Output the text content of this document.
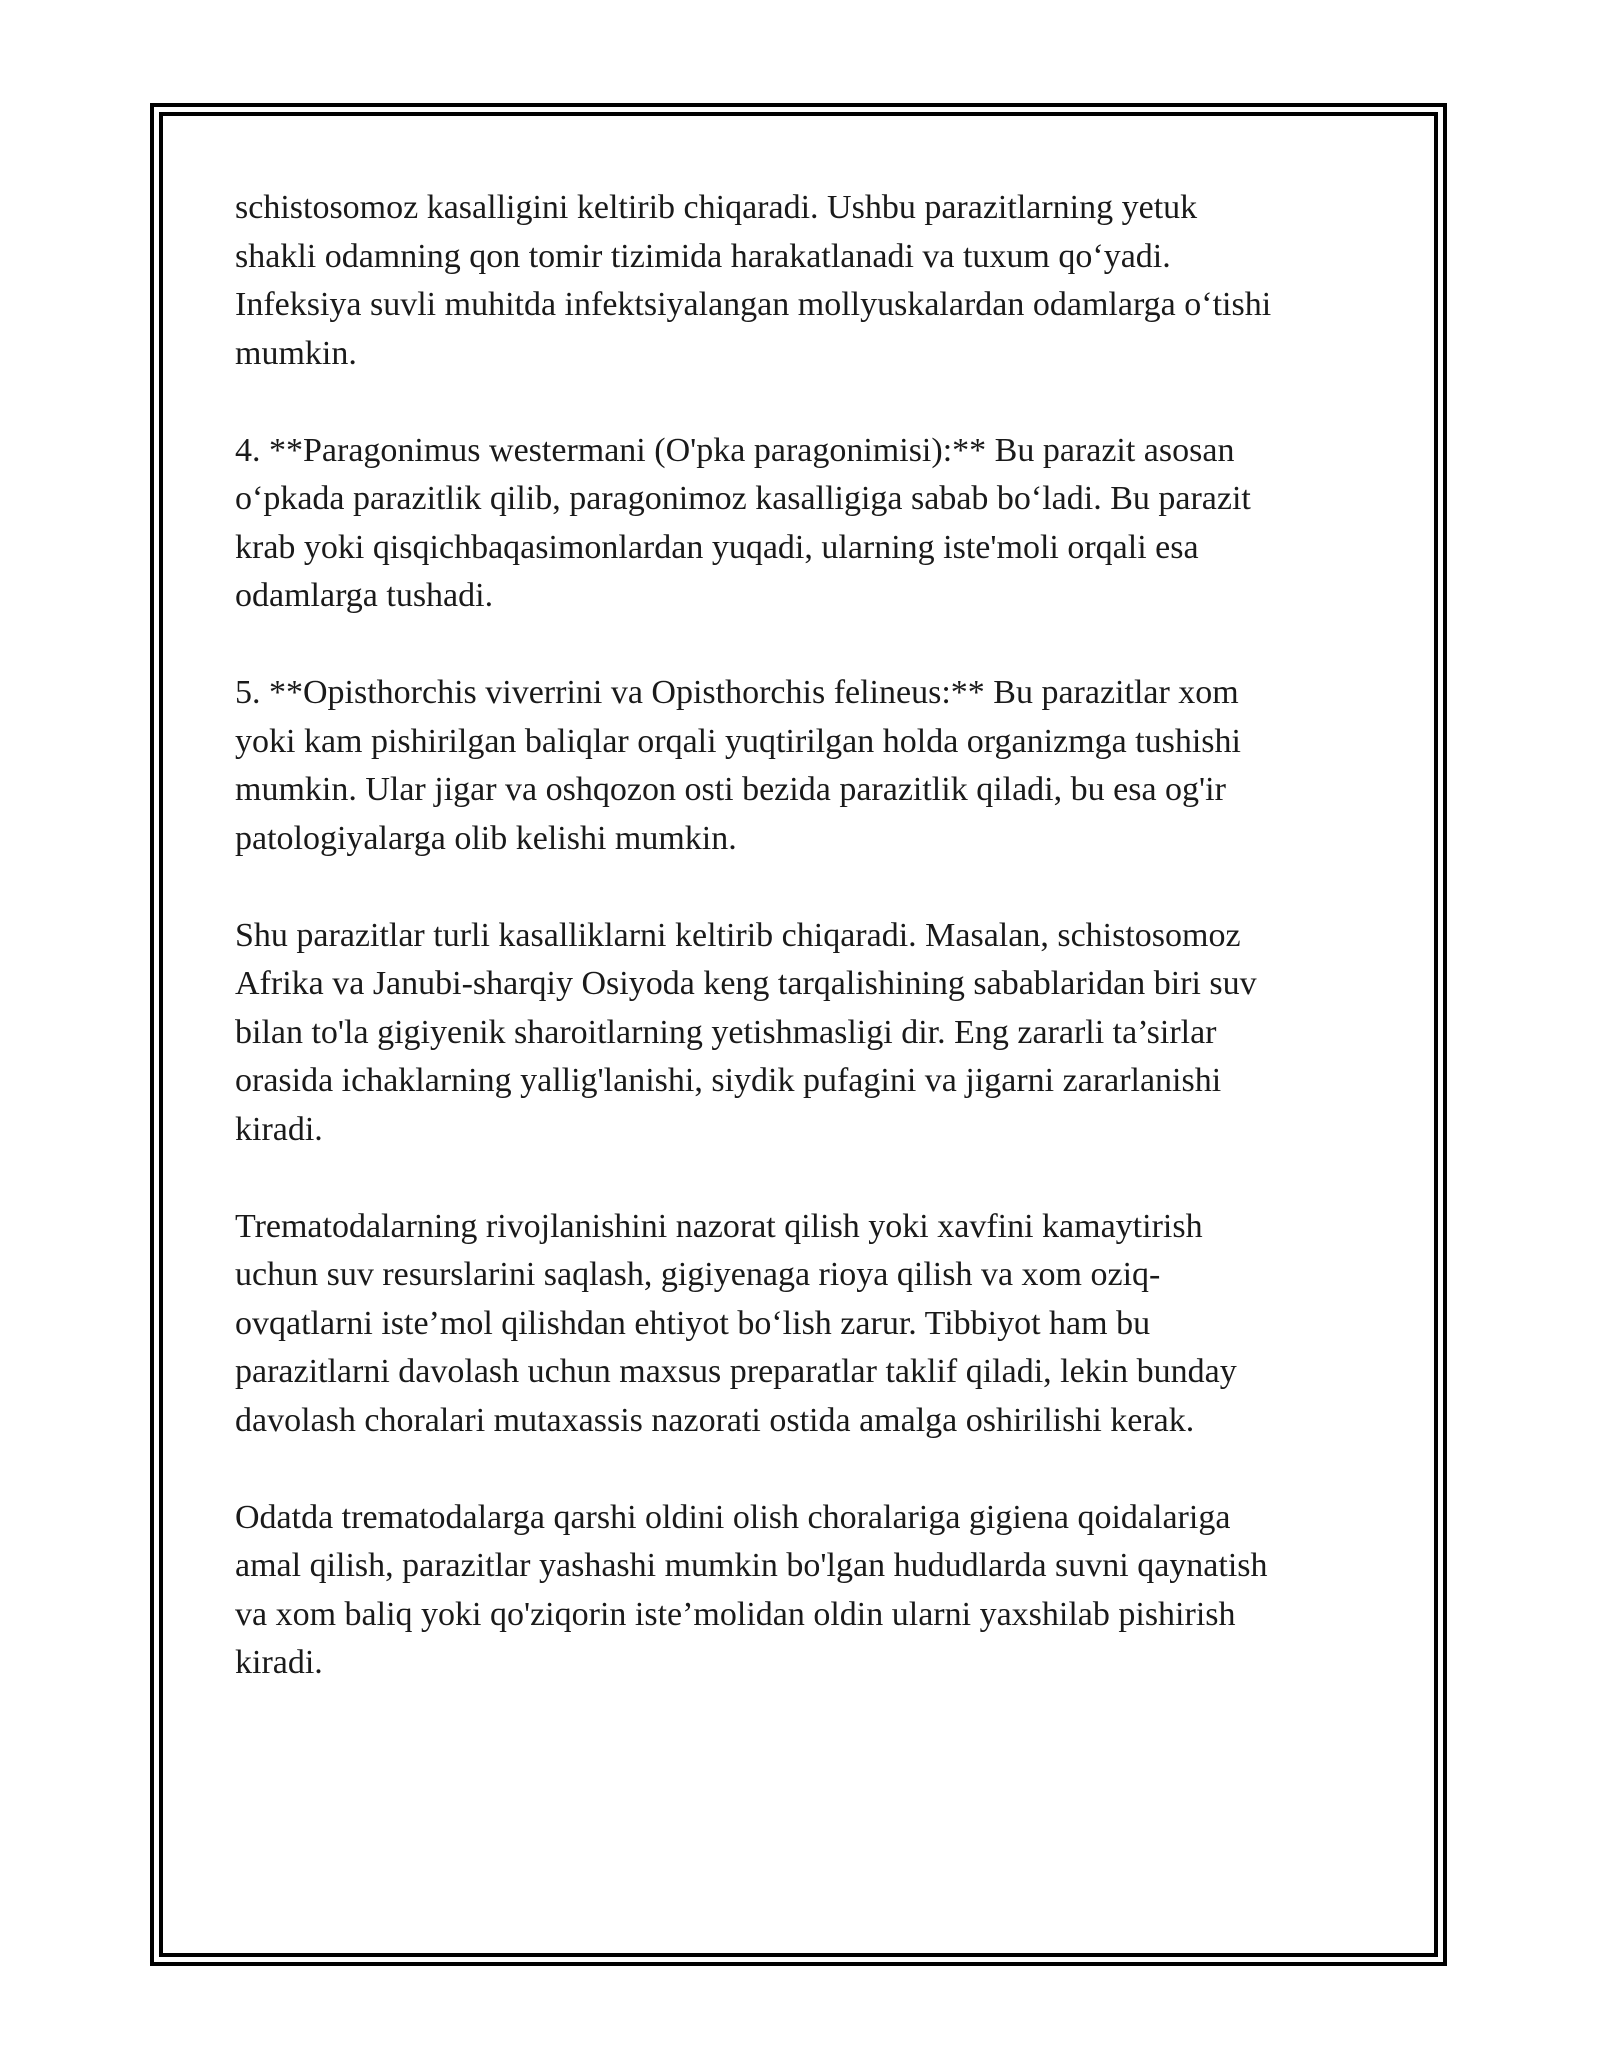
schistosomoz kasalligini keltirib chiqaradi. Ushbu parazitlarning yetuk
shakli odamning qon tomir tizimida harakatlanadi va tuxum qo‘yadi.
Infeksiya suvli muhitda infektsiyalangan mollyuskalardan odamlarga o‘tishi
mumkin.

4. **Paragonimus westermani (O'pka paragonimisi):** Bu parazit asosan
o‘pkada parazitlik qilib, paragonimoz kasalligiga sabab bo‘ladi. Bu parazit
krab yoki qisqichbaqasimonlardan yuqadi, ularning iste'moli orqali esa
odamlarga tushadi.

5. **Opisthorchis viverrini va Opisthorchis felineus:** Bu parazitlar xom
yoki kam pishirilgan baliqlar orqali yuqtirilgan holda organizmga tushishi
mumkin. Ular jigar va oshqozon osti bezida parazitlik qiladi, bu esa og'ir
patologiyalarga olib kelishi mumkin.

Shu parazitlar turli kasalliklarni keltirib chiqaradi. Masalan, schistosomoz
Afrika va Janubi-sharqiy Osiyoda keng tarqalishining sabablaridan biri suv
bilan to'la gigiyenik sharoitlarning yetishmasligi dir. Eng zararli ta’sirlar
orasida ichaklarning yallig'lanishi, siydik pufagini va jigarni zararlanishi
kiradi.

Trematodalarning rivojlanishini nazorat qilish yoki xavfini kamaytirish
uchun suv resurslarini saqlash, gigiyenaga rioya qilish va xom oziq-
ovqatlarni iste’mol qilishdan ehtiyot bo‘lish zarur. Tibbiyot ham bu
parazitlarni davolash uchun maxsus preparatlar taklif qiladi, lekin bunday
davolash choralari mutaxassis nazorati ostida amalga oshirilishi kerak.

Odatda trematodalarga qarshi oldini olish choralariga gigiena qoidalariga
amal qilish, parazitlar yashashi mumkin bo'lgan hududlarda suvni qaynatish
va xom baliq yoki qo'ziqorin iste’molidan oldin ularni yaxshilab pishirish
kiradi.
